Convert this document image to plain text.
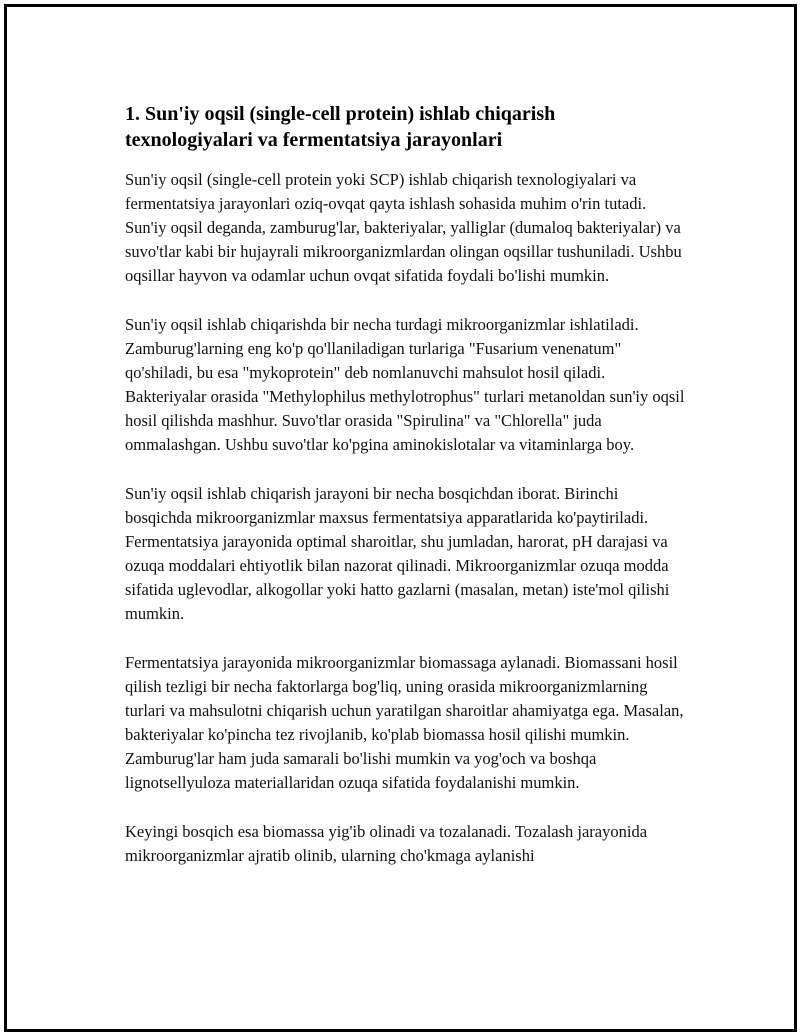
1. Sun'iy oqsil (single-cell protein) ishlab chiqarish texnologiyalari va fermentatsiya jarayonlari

Sun'iy oqsil (single-cell protein yoki SCP) ishlab chiqarish texnologiyalari va fermentatsiya jarayonlari oziq-ovqat qayta ishlash sohasida muhim o'rin tutadi. Sun'iy oqsil deganda, zamburug'lar, bakteriyalar, yalliglar (dumaloq bakteriyalar) va suvo'tlar kabi bir hujayrali mikroorganizmlardan olingan oqsillar tushuniladi. Ushbu oqsillar hayvon va odamlar uchun ovqat sifatida foydali bo'lishi mumkin.

Sun'iy oqsil ishlab chiqarishda bir necha turdagi mikroorganizmlar ishlatiladi. Zamburug'larning eng ko'p qo'llaniladigan turlariga "Fusarium venenatum" qo'shiladi, bu esa "mykoprotein" deb nomlanuvchi mahsulot hosil qiladi. Bakteriyalar orasida "Methylophilus methylotrophus" turlari metanoldan sun'iy oqsil hosil qilishda mashhur. Suvo'tlar orasida "Spirulina" va "Chlorella" juda ommalashgan. Ushbu suvo'tlar ko'pgina aminokislotalar va vitaminlarga boy.

Sun'iy oqsil ishlab chiqarish jarayoni bir necha bosqichdan iborat. Birinchi bosqichda mikroorganizmlar maxsus fermentatsiya apparatlarida ko'paytiriladi. Fermentatsiya jarayonida optimal sharoitlar, shu jumladan, harorat, pH darajasi va ozuqa moddalari ehtiyotlik bilan nazorat qilinadi. Mikroorganizmlar ozuqa modda sifatida uglevodlar, alkogollar yoki hatto gazlarni (masalan, metan) iste'mol qilishi mumkin.

Fermentatsiya jarayonida mikroorganizmlar biomassaga aylanadi. Biomassani hosil qilish tezligi bir necha faktorlarga bog'liq, uning orasida mikroorganizmlarning turlari va mahsulotni chiqarish uchun yaratilgan sharoitlar ahamiyatga ega. Masalan, bakteriyalar ko'pincha tez rivojlanib, ko'plab biomassa hosil qilishi mumkin. Zamburug'lar ham juda samarali bo'lishi mumkin va yog'och va boshqa lignotsellyuloza materiallaridan ozuqa sifatida foydalanishi mumkin.

Keyingi bosqich esa biomassa yig'ib olinadi va tozalanadi. Tozalash jarayonida mikroorganizmlar ajratib olinib, ularning cho'kmaga aylanishi
